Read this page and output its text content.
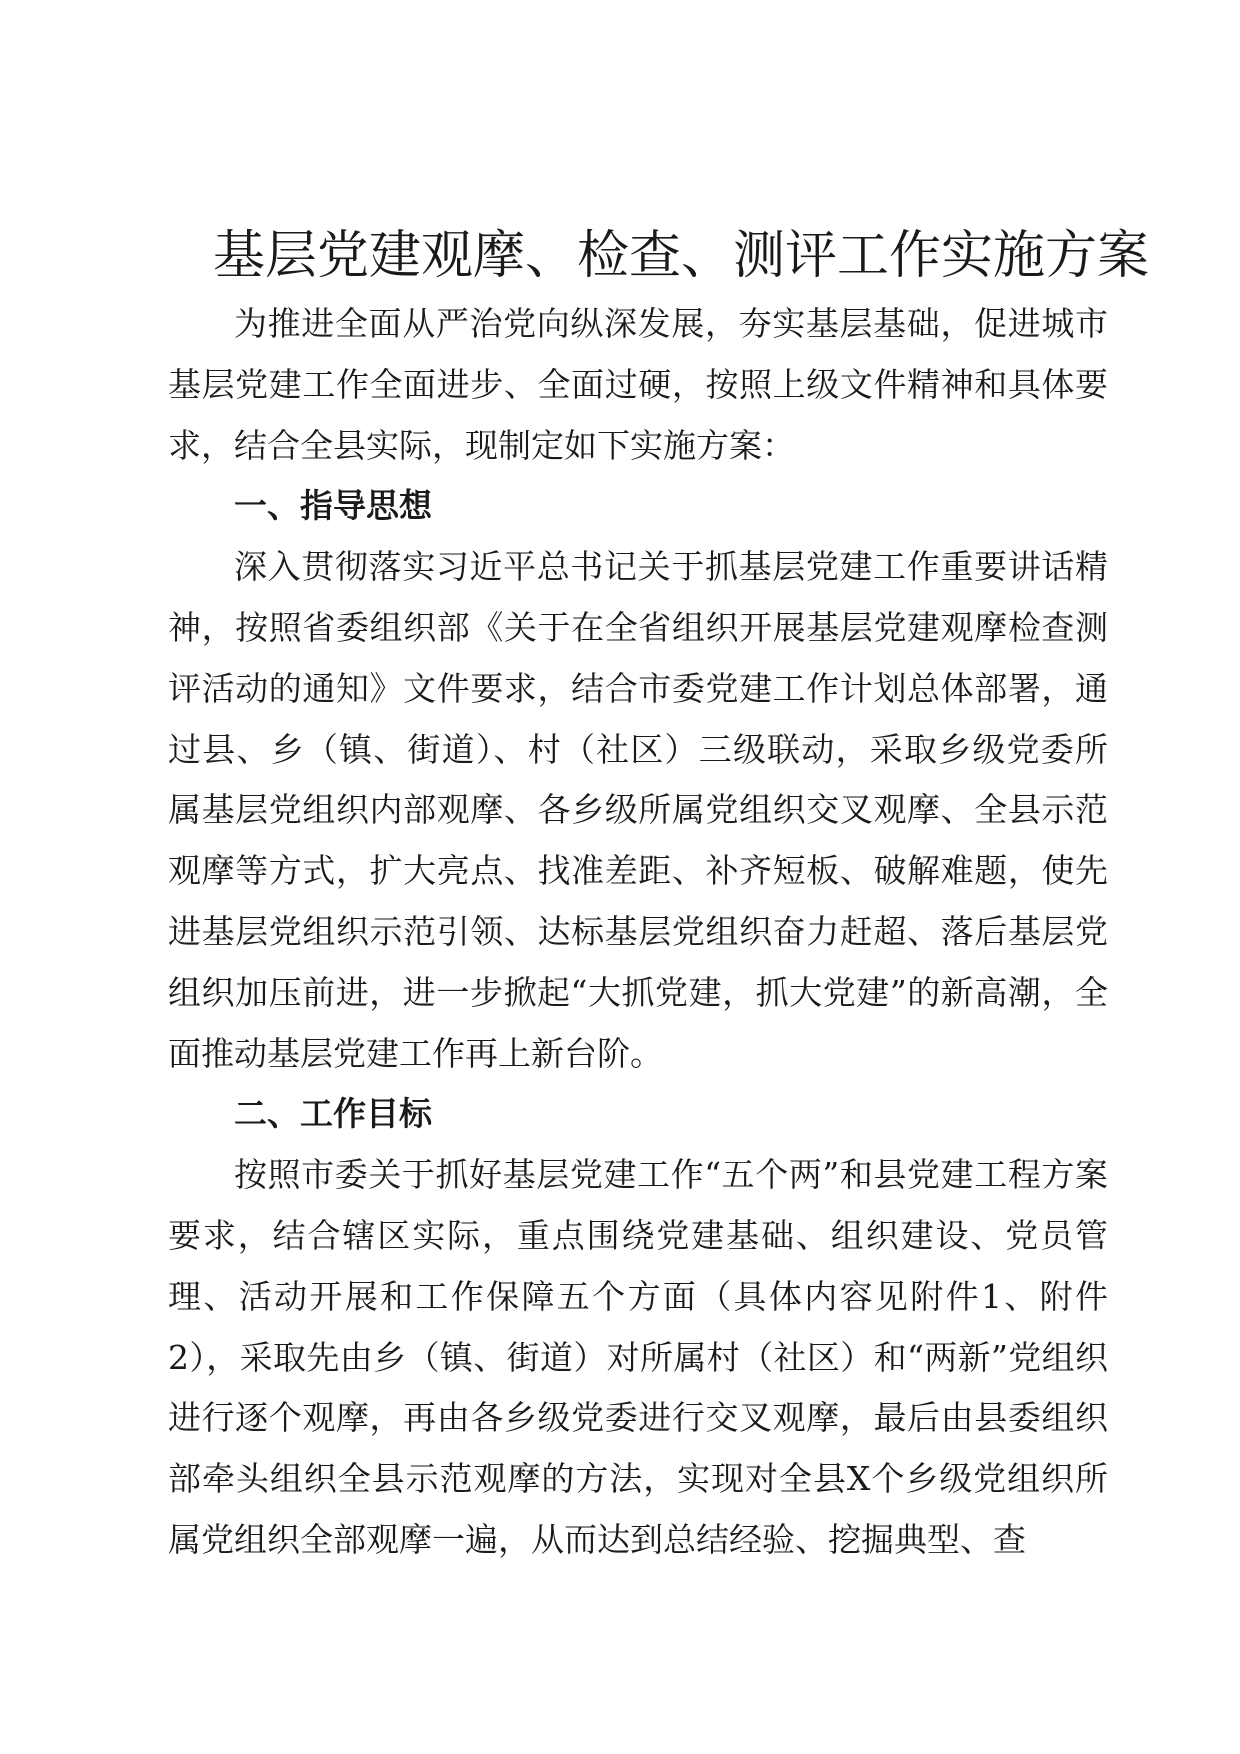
基层党建观摩、检查、测评工作实施方案

为推进全面从严治党向纵深发展，夯实基层基础，促进城市基层党建工作全面进步、全面过硬，按照上级文件精神和具体要求，结合全县实际，现制定如下实施方案：

一、指导思想

深入贯彻落实习近平总书记关于抓基层党建工作重要讲话精神，按照省委组织部《关于在全省组织开展基层党建观摩检查测评活动的通知》文件要求，结合市委党建工作计划总体部署，通过县、乡（镇、街道）、村（社区）三级联动，采取乡级党委所属基层党组织内部观摩、各乡级所属党组织交叉观摩、全县示范观摩等方式，扩大亮点、找准差距、补齐短板、破解难题，使先进基层党组织示范引领、达标基层党组织奋力赶超、落后基层党组织加压前进，进一步掀起“大抓党建，抓大党建”的新高潮，全面推动基层党建工作再上新台阶。

二、工作目标

按照市委关于抓好基层党建工作“五个两”和县党建工程方案要求，结合辖区实际，重点围绕党建基础、组织建设、党员管理、活动开展和工作保障五个方面（具体内容见附件1、附件2），采取先由乡（镇、街道）对所属村（社区）和“两新”党组织进行逐个观摩，再由各乡级党委进行交叉观摩，最后由县委组织部牵头组织全县示范观摩的方法，实现对全县X个乡级党组织所属党组织全部观摩一遍，从而达到总结经验、挖掘典型、查
